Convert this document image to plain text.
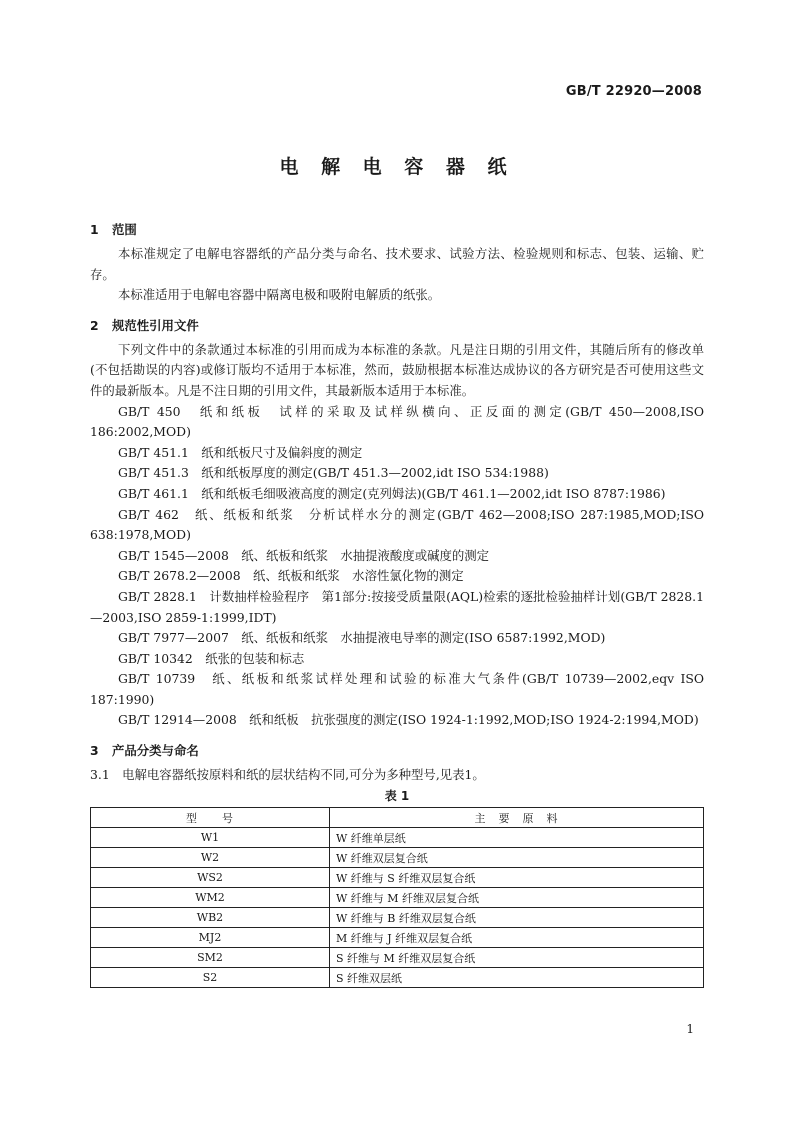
GB/T 22920—2008
电 解 电 容 器 纸
1 范围

本标准规定了电解电容器纸的产品分类与命名、技术要求、试验方法、检验规则和标志、包装、运输、贮存。

本标准适用于电解电容器中隔离电极和吸附电解质的纸张。

2 规范性引用文件

下列文件中的条款通过本标准的引用而成为本标准的条款。凡是注日期的引用文件，其随后所有的修改单(不包括勘误的内容)或修订版均不适用于本标准，然而，鼓励根据本标准达成协议的各方研究是否可使用这些文件的最新版本。凡是不注日期的引用文件，其最新版本适用于本标准。

GB/T 450　纸和纸板　试样的采取及试样纵横向、正反面的测定(GB/T 450—2008,ISO 186:2002,MOD)

GB/T 451.1　纸和纸板尺寸及偏斜度的测定

GB/T 451.3　纸和纸板厚度的测定(GB/T 451.3—2002,idt ISO 534:1988)

GB/T 461.1　纸和纸板毛细吸液高度的测定(克列姆法)(GB/T 461.1—2002,idt ISO 8787:1986)

GB/T 462　纸、纸板和纸浆　分析试样水分的测定(GB/T 462—2008;ISO 287:1985,MOD;ISO 638:1978,MOD)

GB/T 1545—2008　纸、纸板和纸浆　水抽提液酸度或碱度的测定

GB/T 2678.2—2008　纸、纸板和纸浆　水溶性氯化物的测定

GB/T 2828.1　计数抽样检验程序　第1部分:按接受质量限(AQL)检索的逐批检验抽样计划(GB/T 2828.1—2003,ISO 2859-1:1999,IDT)

GB/T 7977—2007　纸、纸板和纸浆　水抽提液电导率的测定(ISO 6587:1992,MOD)

GB/T 10342　纸张的包装和标志

GB/T 10739　纸、纸板和纸浆试样处理和试验的标准大气条件(GB/T 10739—2002,eqv ISO 187:1990)

GB/T 12914—2008　纸和纸板　抗张强度的测定(ISO 1924-1:1992,MOD;ISO 1924-2:1994,MOD)

3 产品分类与命名

3.1　 电解电容器纸按原料和纸的层状结构不同,可分为多种型号,见表1。

表 1
型　　号	主　要　原　料
W1	W 纤维单层纸
W2	W 纤维双层复合纸
WS2	W 纤维与 S 纤维双层复合纸
WM2	W 纤维与 M 纤维双层复合纸
WB2	W 纤维与 B 纤维双层复合纸
MJ2	M 纤维与 J 纤维双层复合纸
SM2	S 纤维与 M 纤维双层复合纸
S2	S 纤维双层纸
1
